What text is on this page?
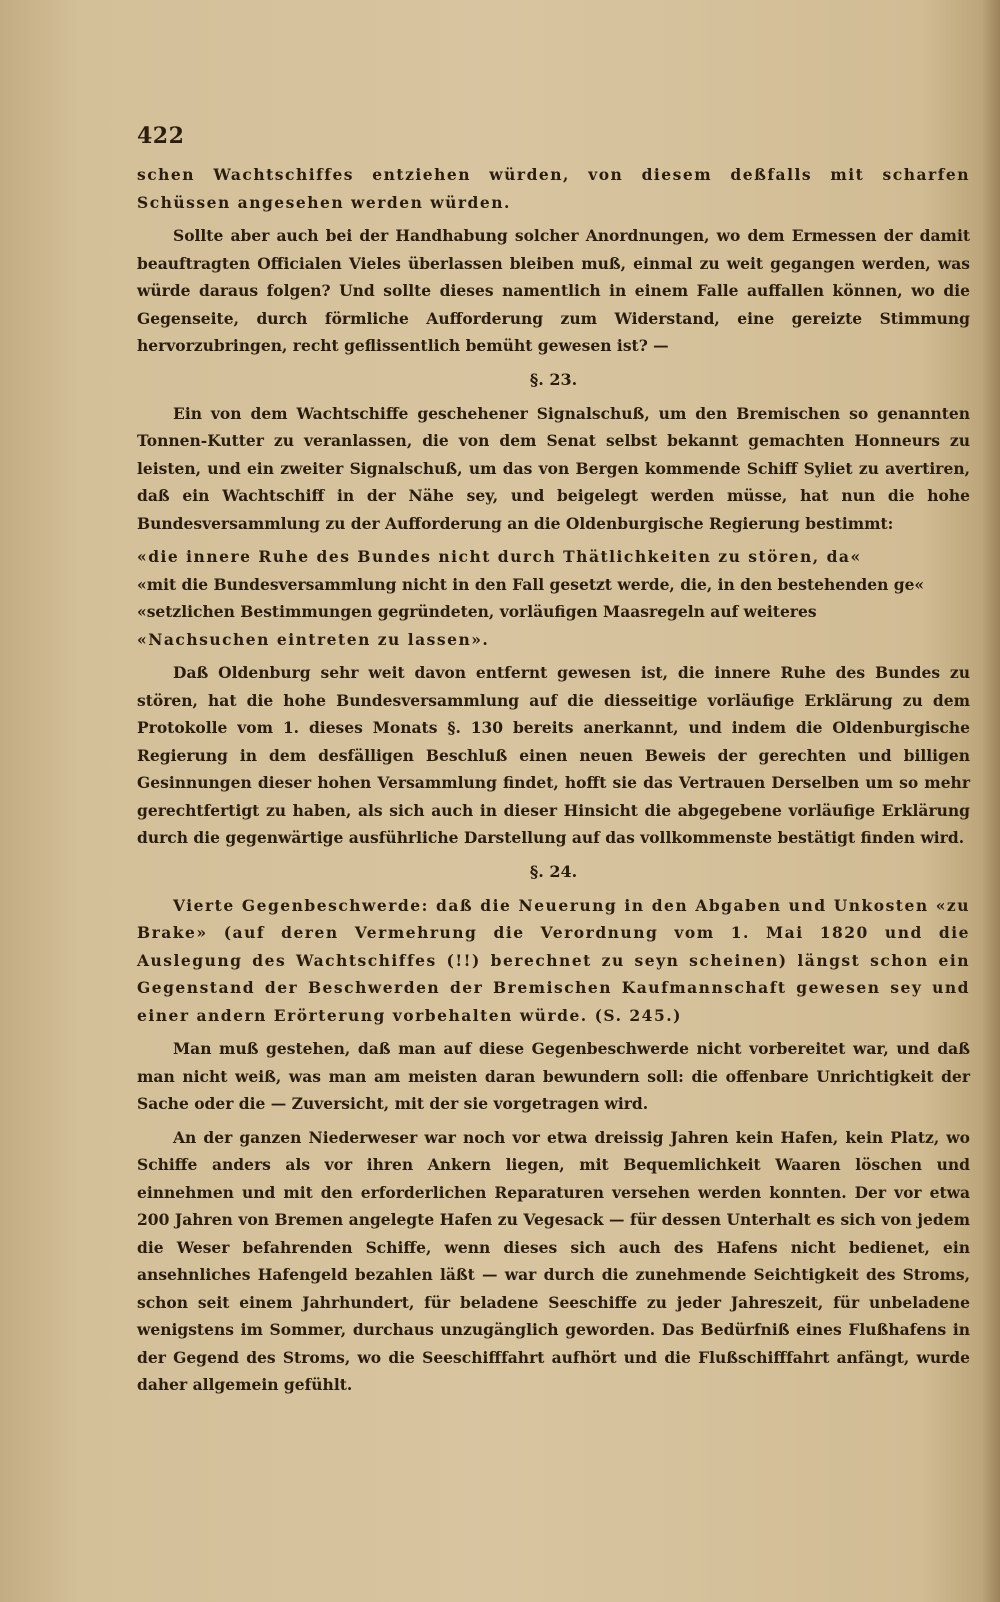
422

schen Wachtschiffes entziehen würden, von diesem deßfalls mit scharfen Schüssen angesehen werden würden.

Sollte aber auch bei der Handhabung solcher Anordnungen, wo dem Ermessen der damit beauftragten Officialen Vieles überlassen bleiben muß, einmal zu weit gegangen werden, was würde daraus folgen? Und sollte dieses namentlich in einem Falle auffallen können, wo die Gegenseite, durch förmliche Aufforderung zum Widerstand, eine gereizte Stimmung hervorzubringen, recht geflissentlich bemüht gewesen ist? —

§. 23.

Ein von dem Wachtschiffe geschehener Signalschuß, um den Bremischen so genannten Tonnen-Kutter zu veranlassen, die von dem Senat selbst bekannt gemachten Honneurs zu leisten, und ein zweiter Signalschuß, um das von Bergen kommende Schiff Syliet zu avertiren, daß ein Wachtschiff in der Nähe sey, und beigelegt werden müsse, hat nun die hohe Bundesversammlung zu der Aufforderung an die Oldenburgische Regierung bestimmt:

«die innere Ruhe des Bundes nicht durch Thätlichkeiten zu stören, da«

«mit die Bundesversammlung nicht in den Fall gesetzt werde, die, in den bestehenden ge«

«setzlichen Bestimmungen gegründeten, vorläufigen Maasregeln auf weiteres

«Nachsuchen eintreten zu lassen».

Daß Oldenburg sehr weit davon entfernt gewesen ist, die innere Ruhe des Bundes zu stören, hat die hohe Bundesversammlung auf die diesseitige vorläufige Erklärung zu dem Protokolle vom 1. dieses Monats §. 130 bereits anerkannt, und indem die Oldenburgische Regierung in dem desfälligen Beschluß einen neuen Beweis der gerechten und billigen Gesinnungen dieser hohen Versammlung findet, hofft sie das Vertrauen Derselben um so mehr gerechtfertigt zu haben, als sich auch in dieser Hinsicht die abgegebene vorläufige Erklärung durch die gegenwärtige ausführliche Darstellung auf das vollkommenste bestätigt finden wird.

§. 24.

Vierte Gegenbeschwerde: daß die Neuerung in den Abgaben und Unkosten «zu Brake» (auf deren Vermehrung die Verordnung vom 1. Mai 1820 und die Auslegung des Wachtschiffes (!!) berechnet zu seyn scheinen) längst schon ein Gegenstand der Beschwerden der Bremischen Kaufmannschaft gewesen sey und einer andern Erörterung vorbehalten würde. (S. 245.)

Man muß gestehen, daß man auf diese Gegenbeschwerde nicht vorbereitet war, und daß man nicht weiß, was man am meisten daran bewundern soll: die offenbare Unrichtigkeit der Sache oder die — Zuversicht, mit der sie vorgetragen wird.

An der ganzen Niederweser war noch vor etwa dreissig Jahren kein Hafen, kein Platz, wo Schiffe anders als vor ihren Ankern liegen, mit Bequemlichkeit Waaren löschen und einnehmen und mit den erforderlichen Reparaturen versehen werden konnten. Der vor etwa 200 Jahren von Bremen angelegte Hafen zu Vegesack — für dessen Unterhalt es sich von jedem die Weser befahrenden Schiffe, wenn dieses sich auch des Hafens nicht bedienet, ein ansehnliches Hafengeld bezahlen läßt — war durch die zunehmende Seichtigkeit des Stroms, schon seit einem Jahrhundert, für beladene Seeschiffe zu jeder Jahreszeit, für unbeladene wenigstens im Sommer, durchaus unzugänglich geworden. Das Bedürfniß eines Flußhafens in der Gegend des Stroms, wo die Seeschifffahrt aufhört und die Flußschifffahrt anfängt, wurde daher allgemein gefühlt.
